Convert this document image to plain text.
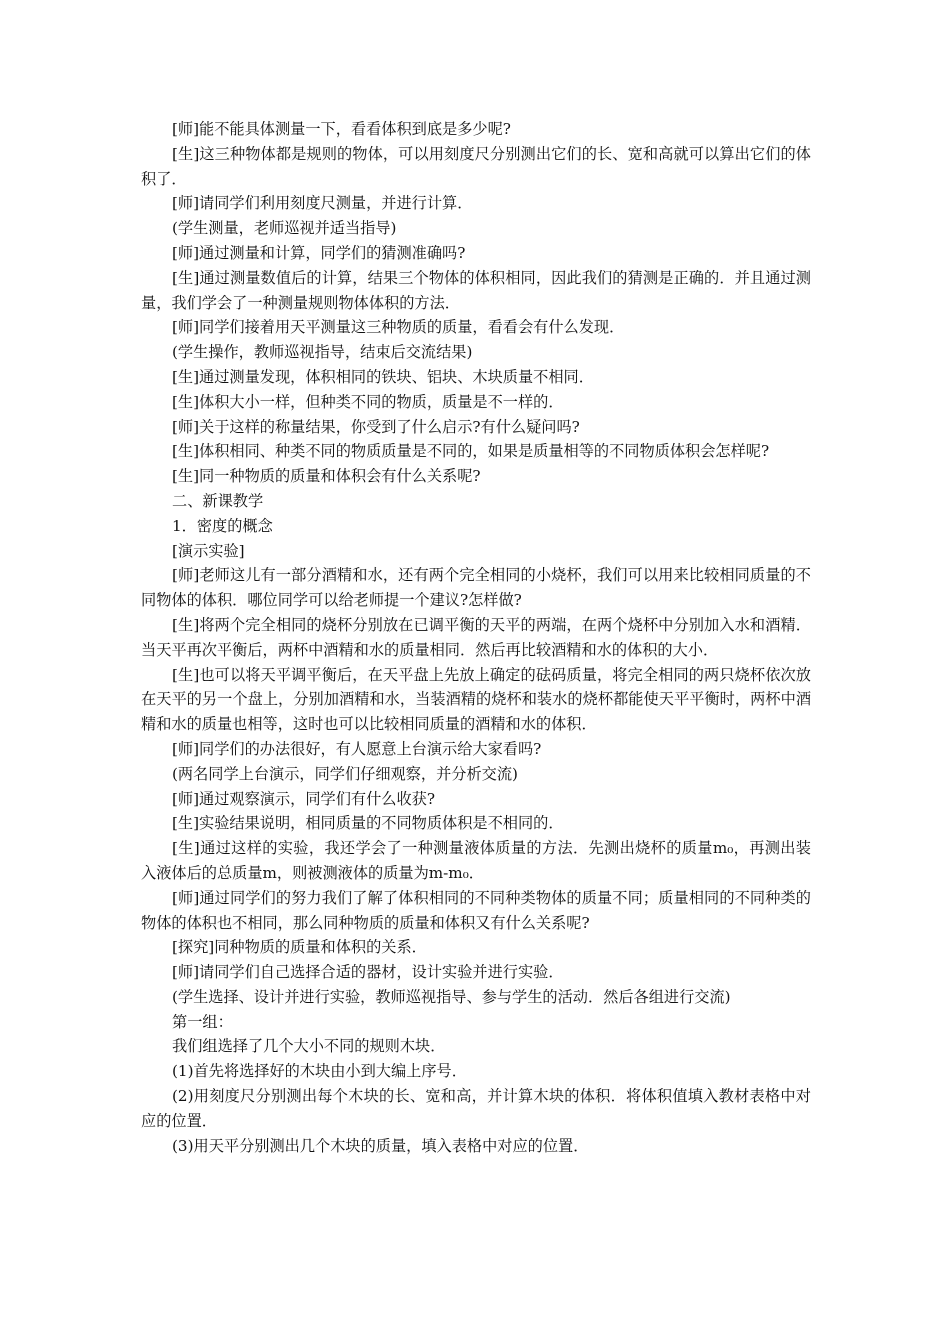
[师]能不能具体测量一下，看看体积到底是多少呢?

[生]这三种物体都是规则的物体，可以用刻度尺分别测出它们的长、宽和高就可以算出它们的体积了．

[师]请同学们利用刻度尺测量，并进行计算．

(学生测量，老师巡视并适当指导)

[师]通过测量和计算，同学们的猜测准确吗?

[生]通过测量数值后的计算，结果三个物体的体积相同，因此我们的猜测是正确的．并且通过测量，我们学会了一种测量规则物体体积的方法．

[师]同学们接着用天平测量这三种物质的质量，看看会有什么发现．

(学生操作，教师巡视指导，结束后交流结果)

[生]通过测量发现，体积相同的铁块、铝块、木块质量不相同．

[生]体积大小一样，但种类不同的物质，质量是不一样的．

[师]关于这样的称量结果，你受到了什么启示?有什么疑问吗?

[生]体积相同、种类不同的物质质量是不同的，如果是质量相等的不同物质体积会怎样呢?

[生]同一种物质的质量和体积会有什么关系呢?

二、新课教学

1．密度的概念

[演示实验]

[师]老师这儿有一部分酒精和水，还有两个完全相同的小烧杯，我们可以用来比较相同质量的不同物体的体积．哪位同学可以给老师提一个建议?怎样做?

[生]将两个完全相同的烧杯分别放在已调平衡的天平的两端，在两个烧杯中分别加入水和酒精．当天平再次平衡后，两杯中酒精和水的质量相同．然后再比较酒精和水的体积的大小．

[生]也可以将天平调平衡后，在天平盘上先放上确定的砝码质量，将完全相同的两只烧杯依次放在天平的另一个盘上，分别加酒精和水，当装酒精的烧杯和装水的烧杯都能使天平平衡时，两杯中酒精和水的质量也相等，这时也可以比较相同质量的酒精和水的体积．

[师]同学们的办法很好，有人愿意上台演示给大家看吗?

(两名同学上台演示，同学们仔细观察，并分析交流)

[师]通过观察演示，同学们有什么收获?

[生]实验结果说明，相同质量的不同物质体积是不相同的．

[生]通过这样的实验，我还学会了一种测量液体质量的方法．先测出烧杯的质量m₀，再测出装入液体后的总质量m，则被测液体的质量为m-m₀．

[师]通过同学们的努力我们了解了体积相同的不同种类物体的质量不同；质量相同的不同种类的物体的体积也不相同，那么同种物质的质量和体积又有什么关系呢?

[探究]同种物质的质量和体积的关系．

[师]请同学们自己选择合适的器材，设计实验并进行实验．

(学生选择、设计并进行实验，教师巡视指导、参与学生的活动．然后各组进行交流)

第一组：

我们组选择了几个大小不同的规则木块．

(1)首先将选择好的木块由小到大编上序号．

(2)用刻度尺分别测出每个木块的长、宽和高，并计算木块的体积．将体积值填入教材表格中对应的位置．

(3)用天平分别测出几个木块的质量，填入表格中对应的位置．
